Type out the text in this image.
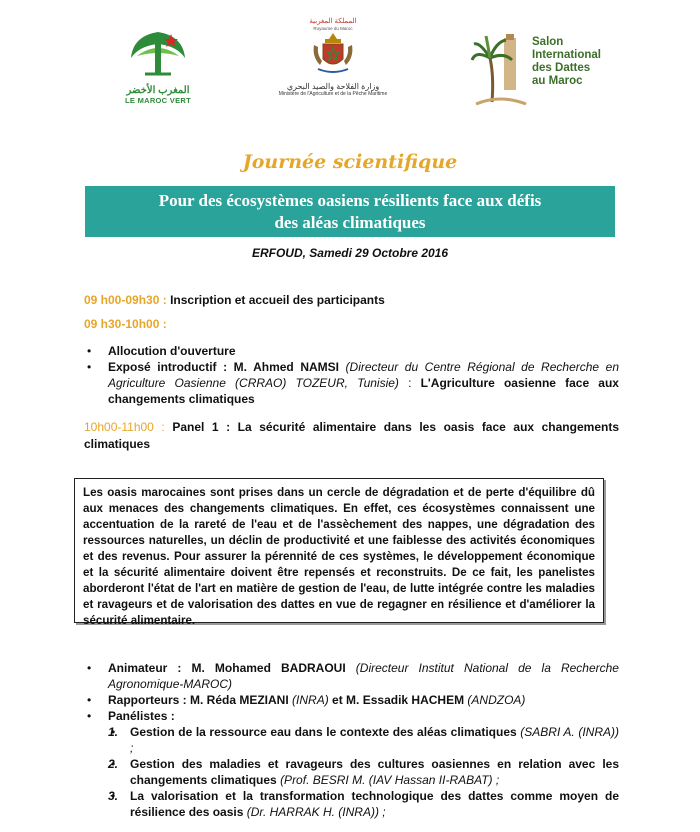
المغرب الأخضر
LE MAROC VERT
المملكة المغربية
Royaume du Maroc
وزارة الفلاحة والصيد البحري
Ministère de l'Agriculture et de la Pêche Maritime
Salon
International
des Dattes
au Maroc
Journée scientifique
Pour des écosystèmes oasiens résilients face aux défis
des aléas climatiques
ERFOUD, Samedi 29 Octobre 2016
09 h00-09h30 : Inscription et accueil des participants
09 h30-10h00 :
• Allocution d'ouverture
• Exposé introductif : M. Ahmed NAMSI (Directeur du Centre Régional de Recherche en Agriculture Oasienne (CRRAO) TOZEUR, Tunisie) : L'Agriculture oasienne face aux changements climatiques
10h00-11h00 : Panel 1 : La sécurité alimentaire dans les oasis face aux changements climatiques
Les oasis marocaines sont prises dans un cercle de dégradation et de perte d'équilibre dû aux menaces des changements climatiques. En effet, ces écosystèmes connaissent une accentuation de la rareté de l'eau et de l'assèchement des nappes, une dégradation des ressources naturelles, un déclin de productivité et une faiblesse des activités économiques et des revenus. Pour assurer la pérennité de ces systèmes, le développement économique et la sécurité alimentaire doivent être repensés et reconstruits. De ce fait, les panelistes aborderont l'état de l'art en matière de gestion de l'eau, de lutte intégrée contre les maladies et ravageurs et de valorisation des dattes en vue de regagner en résilience et d'améliorer la sécurité alimentaire.
• Animateur : M. Mohamed BADRAOUI (Directeur Institut National de la Recherche Agronomique-MAROC)
• Rapporteurs : M. Réda MEZIANI (INRA) et M. Essadik HACHEM (ANDZOA)
• Panélistes :
• 1. Gestion de la ressource eau dans le contexte des aléas climatiques (SABRI A. (INRA)) ;
• 2. Gestion des maladies et ravageurs des cultures oasiennes en relation avec les changements climatiques (Prof. BESRI M. (IAV Hassan II-RABAT) ;
• 3. La valorisation et la transformation technologique des dattes comme moyen de résilience des oasis (Dr. HARRAK H. (INRA)) ;
